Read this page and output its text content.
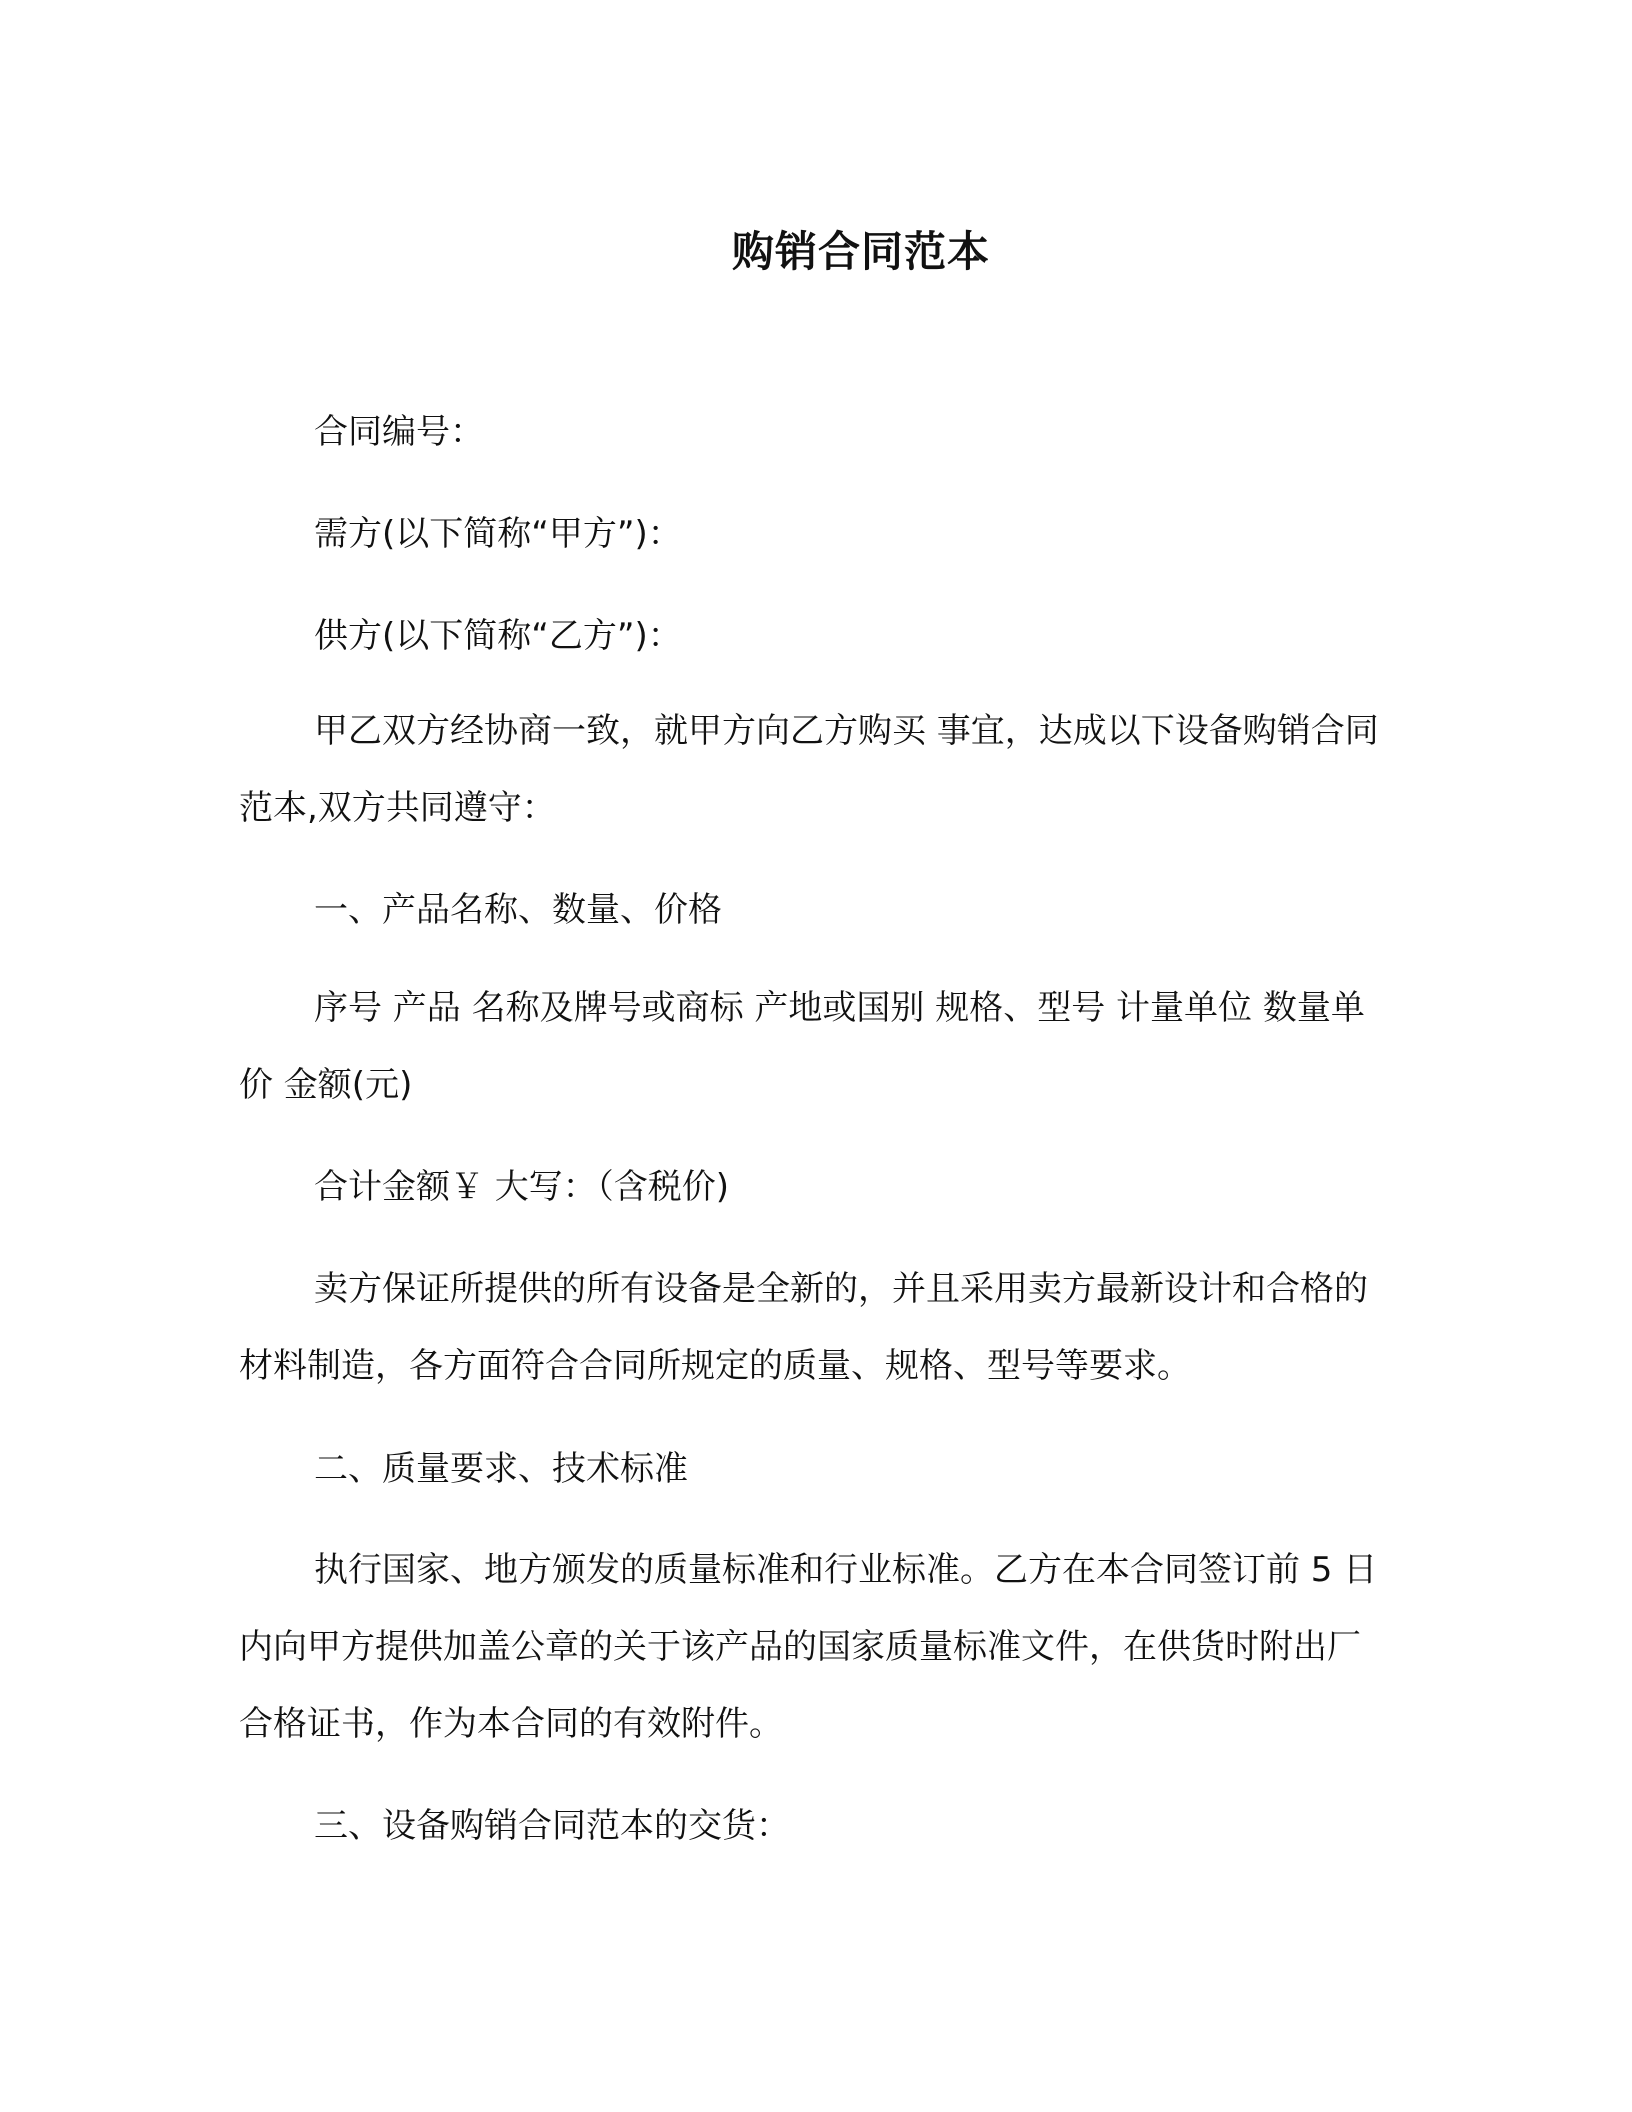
购销合同范本
合同编号：
需方(以下简称“甲方”)：
供方(以下简称“乙方”)：
甲乙双方经协商一致，就甲方向乙方购买 事宜，达成以下设备购销合同范本,双方共同遵守：
一、产品名称、数量、价格
序号 产品 名称及牌号或商标 产地或国别 规格、型号 计量单位 数量单价 金额(元)
合计金额￥ 大写：（含税价)
卖方保证所提供的所有设备是全新的，并且采用卖方最新设计和合格的材料制造，各方面符合合同所规定的质量、规格、型号等要求。
二、质量要求、技术标准
执行国家、地方颁发的质量标准和行业标准。乙方在本合同签订前 5 日内向甲方提供加盖公章的关于该产品的国家质量标准文件，在供货时附出厂合格证书，作为本合同的有效附件。
三、设备购销合同范本的交货：
